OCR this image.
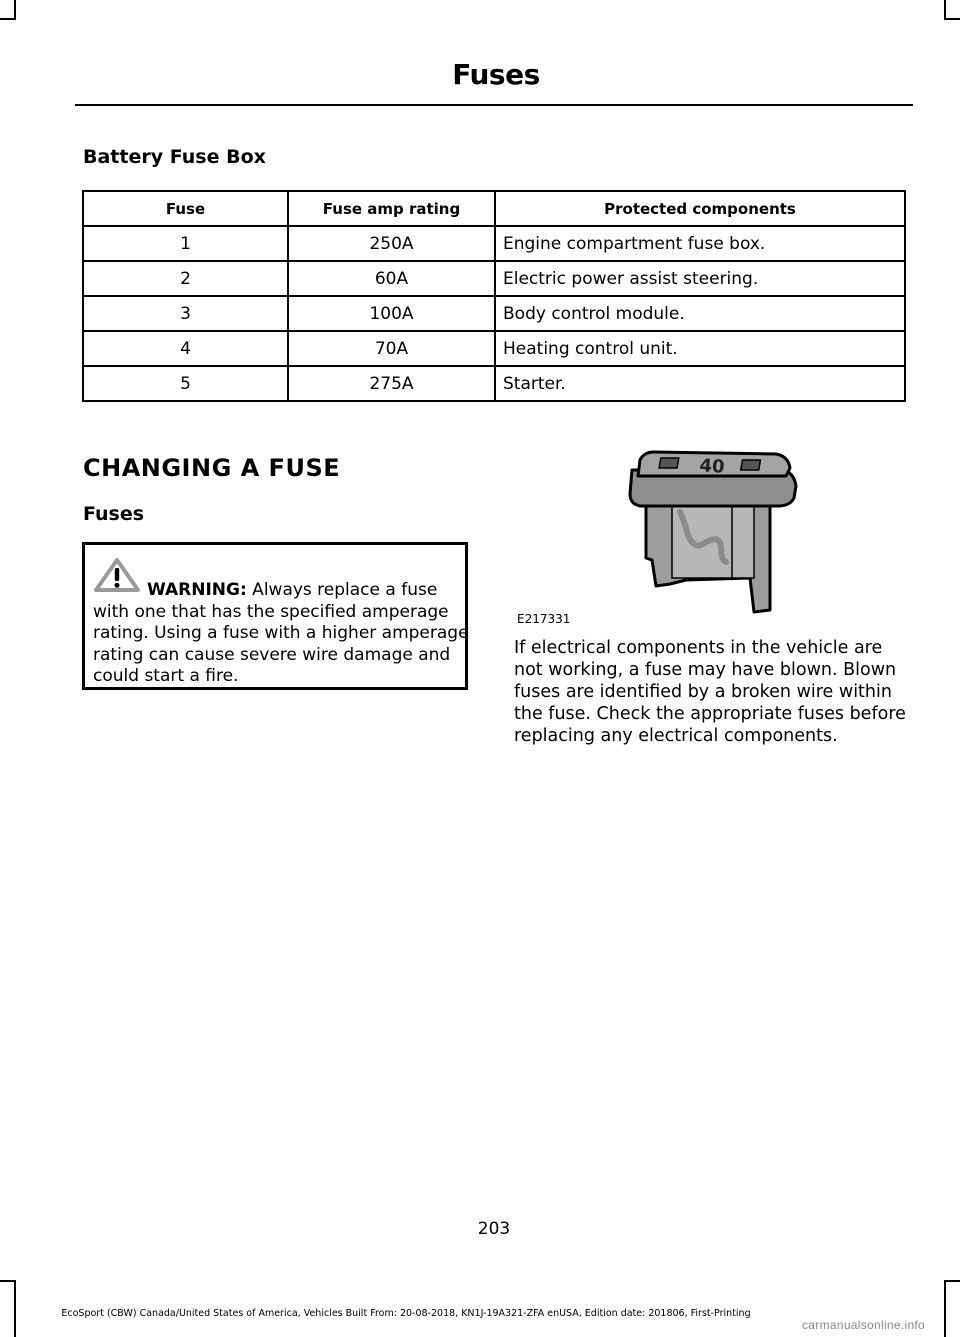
Fuses
Battery Fuse Box
Fuse	Fuse amp rating	Protected components
1	250A	Engine compartment fuse box.
2	60A	Electric power assist steering.
3	100A	Body control module.
4	70A	Heating control unit.
5	275A	Starter.
CHANGING A FUSE
Fuses
WARNING: Always replace a fuse with one that has the specified amperage rating. Using a fuse with a higher amperage rating can cause severe wire damage and could start a fire.
40
E217331
If electrical components in the vehicle are not working, a fuse may have blown. Blown fuses are identified by a broken wire within the fuse. Check the appropriate fuses before replacing any electrical components.
203
EcoSport (CBW) Canada/United States of America, Vehicles Built From: 20-08-2018, KN1J-19A321-ZFA enUSA, Edition date: 201806, First-Printing
carmanualsonline.info
